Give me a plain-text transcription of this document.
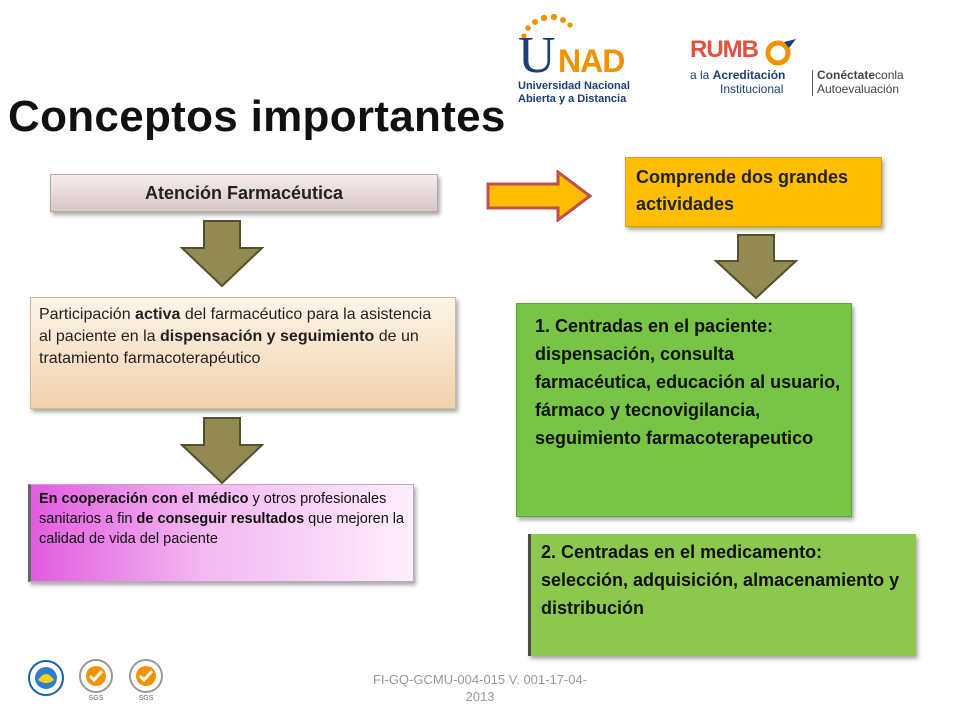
Conceptos importantes
U NAD
Universidad Nacional
Abierta y a Distancia
RUMB
a la Acreditación
Institucional
Conéctateconla
Autoevaluación
Atención Farmacéutica
Participación activa del farmacéutico para la asistencia al paciente en la dispensación y seguimiento de un tratamiento farmacoterapéutico
En cooperación con el médico y otros profesionales sanitarios a fin de conseguir resultados que mejoren la calidad de vida del paciente
Comprende dos grandes actividades
1. Centradas en el paciente: dispensación, consulta farmacéutica, educación al usuario, fármaco y tecnovigilancia, seguimiento farmacoterapeutico
2. Centradas en el medicamento: selección, adquisición, almacenamiento y distribución
SGS	SGS
FI-GQ-GCMU-004-015 V. 001-17-04-
2013
